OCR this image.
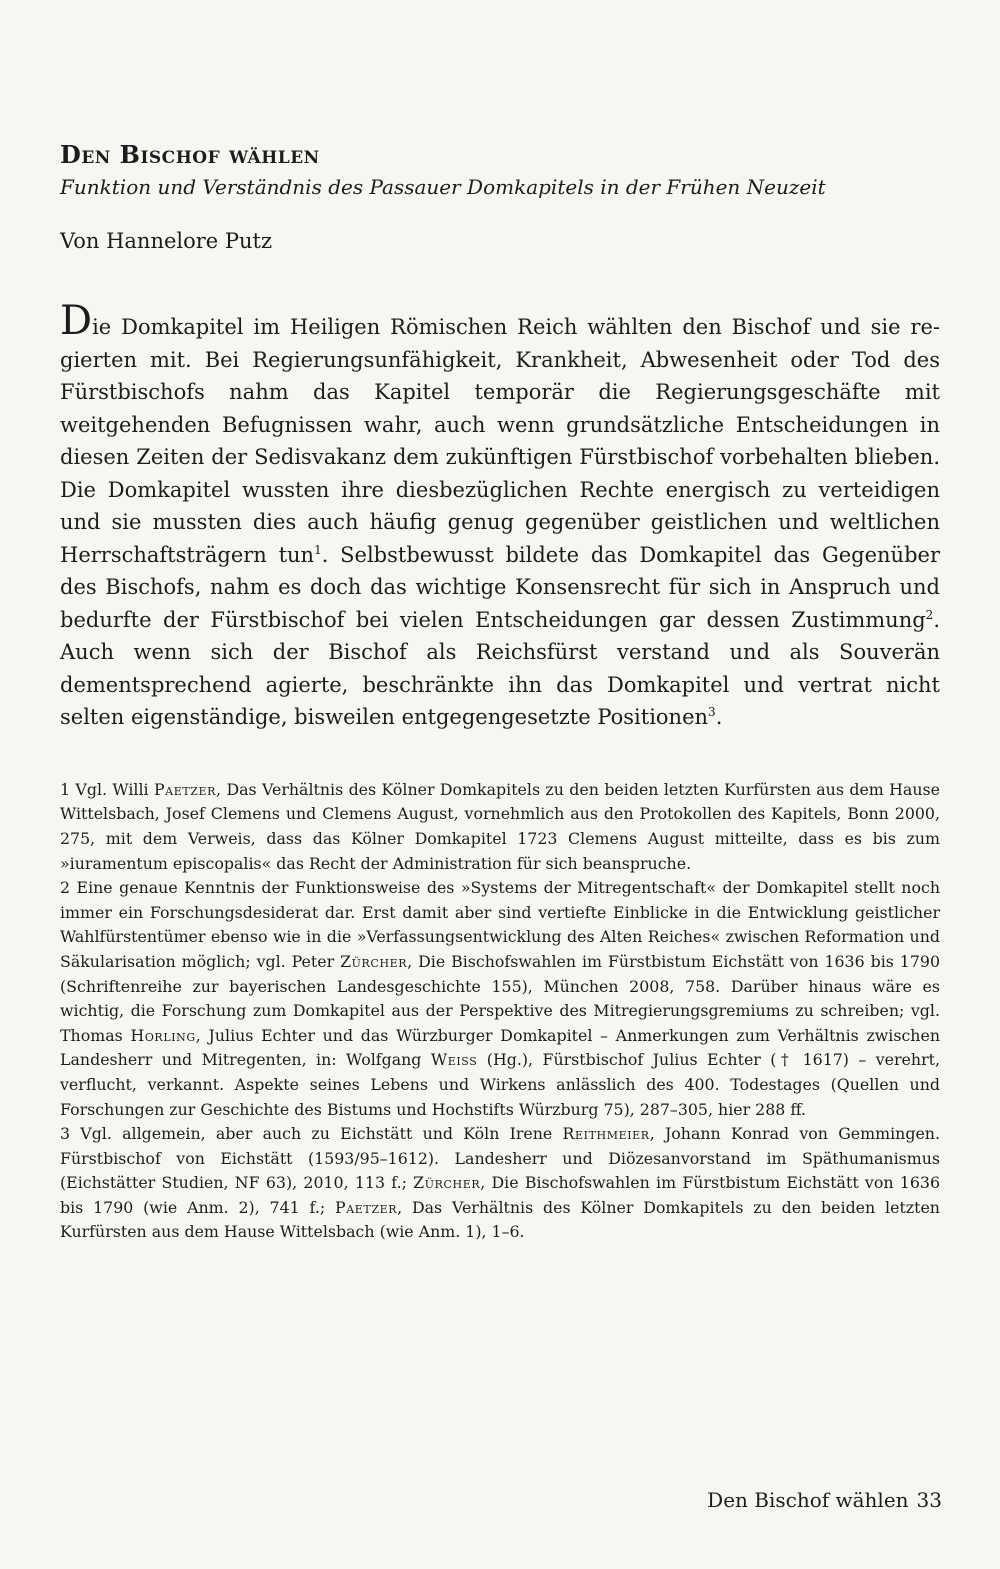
Den Bischof wählen

Funktion und Verständnis des Passauer Domkapitels in der Frühen Neuzeit

Von Hannelore Putz

Die Domkapitel im Heiligen Römischen Reich wählten den Bischof und sie regierten mit. Bei Regierungsunfähigkeit, Krankheit, Abwesenheit oder Tod des Fürstbischofs nahm das Kapitel temporär die Regierungsgeschäfte mit weitgehenden Befugnissen wahr, auch wenn grundsätzliche Entscheidungen in diesen Zeiten der Sedisvakanz dem zukünftigen Fürstbischof vorbehalten blieben. Die Domkapitel wussten ihre diesbezüglichen Rechte energisch zu verteidigen und sie mussten dies auch häufig genug gegenüber geistlichen und weltlichen Herrschaftsträgern tun$^1$. Selbstbewusst bildete das Domkapitel das Gegenüber des Bischofs, nahm es doch das wichtige Konsensrecht für sich in Anspruch und bedurfte der Fürstbischof bei vielen Entscheidungen gar dessen Zustimmung$^2$. Auch wenn sich der Bischof als Reichsfürst verstand und als Souverän dementsprechend agierte, beschränkte ihn das Domkapitel und vertrat nicht selten eigenständige, bisweilen entgegengesetzte Positionen$^3$.

1 Vgl. Willi Paetzer, Das Verhältnis des Kölner Domkapitels zu den beiden letzten Kurfürsten aus dem Hause Wittelsbach, Josef Clemens und Clemens August, vornehmlich aus den Protokollen des Kapitels, Bonn 2000, 275, mit dem Verweis, dass das Kölner Domkapitel 1723 Clemens August mitteilte, dass es bis zum »iuramentum episcopalis« das Recht der Administration für sich beanspruche.

2 Eine genaue Kenntnis der Funktionsweise des »Systems der Mitregentschaft« der Domkapitel stellt noch immer ein Forschungsdesiderat dar. Erst damit aber sind vertiefte Einblicke in die Entwicklung geistlicher Wahlfürstentümer ebenso wie in die »Verfassungsentwicklung des Alten Reiches« zwischen Reformation und Säkularisation möglich; vgl. Peter Zürcher, Die Bischofswahlen im Fürstbistum Eichstätt von 1636 bis 1790 (Schriftenreihe zur bayerischen Landesgeschichte 155), München 2008, 758. Darüber hinaus wäre es wichtig, die Forschung zum Domkapitel aus der Perspektive des Mitregierungsgremiums zu schreiben; vgl. Thomas Horling, Julius Echter und das Würzburger Domkapitel – Anmerkungen zum Verhältnis zwischen Landesherr und Mitregenten, in: Wolfgang Weiss (Hg.), Fürstbischof Julius Echter († 1617) – verehrt, verflucht, verkannt. Aspekte seines Lebens und Wirkens anlässlich des 400. Todestages (Quellen und Forschungen zur Geschichte des Bistums und Hochstifts Würzburg 75), 287–305, hier 288 ff.

3 Vgl. allgemein, aber auch zu Eichstätt und Köln Irene Reithmeier, Johann Konrad von Gemmingen. Fürstbischof von Eichstätt (1593/95–1612). Landesherr und Diözesanvorstand im Späthumanismus (Eichstätter Studien, NF 63), 2010, 113 f.; Zürcher, Die Bischofswahlen im Fürstbistum Eichstätt von 1636 bis 1790 (wie Anm. 2), 741 f.; Paetzer, Das Verhältnis des Kölner Domkapitels zu den beiden letzten Kurfürsten aus dem Hause Wittelsbach (wie Anm. 1), 1–6.

Den Bischof wählen 33
